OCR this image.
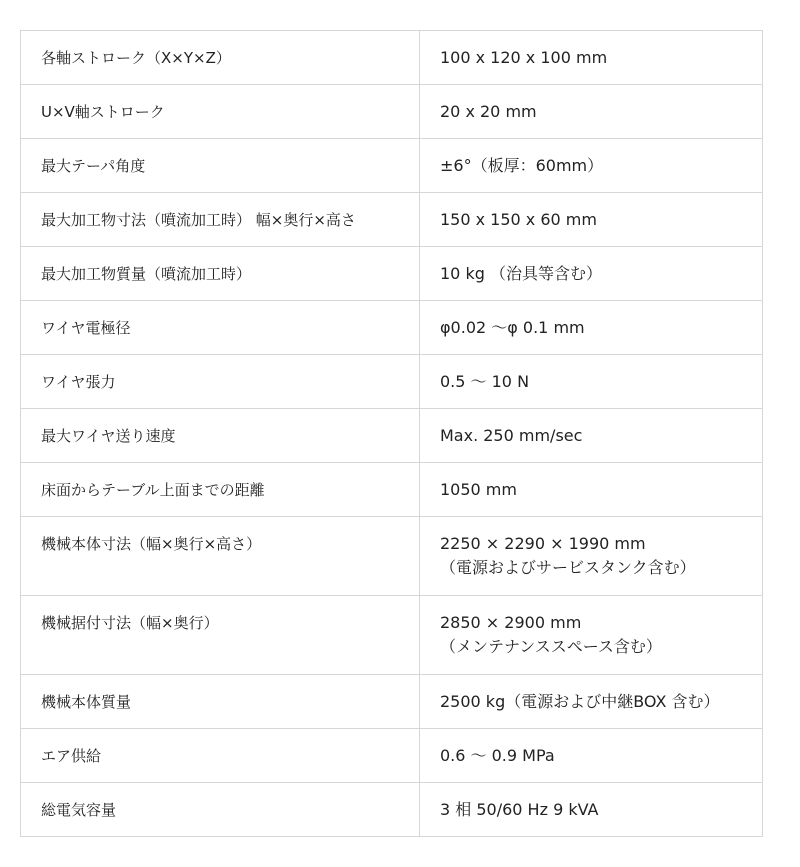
各軸ストローク（X×Y×Z）	100 x 120 x 100 mm

U×V軸ストローク	20 x 20 mm

最大テーパ角度	±6°（板厚：60mm）

最大加工物寸法（噴流加工時） 幅×奥行×高さ	150 x 150 x 60 mm

最大加工物質量（噴流加工時）	10 kg （治具等含む）

ワイヤ電極径	φ0.02 〜φ 0.1 mm

ワイヤ張力	0.5 〜 10 N

最大ワイヤ送り速度	Max. 250 mm/sec

床面からテーブル上面までの距離	1050 mm

機械本体寸法（幅×奥行×高さ）	2250 × 2290 × 1990 mm
（電源およびサービスタンク含む）

機械据付寸法（幅×奥行）	2850 × 2900 mm
（メンテナンススペース含む）

機械本体質量	2500 kg（電源および中継BOX 含む）

エア供給	0.6 〜 0.9 MPa

総電気容量	3 相 50/60 Hz 9 kVA
